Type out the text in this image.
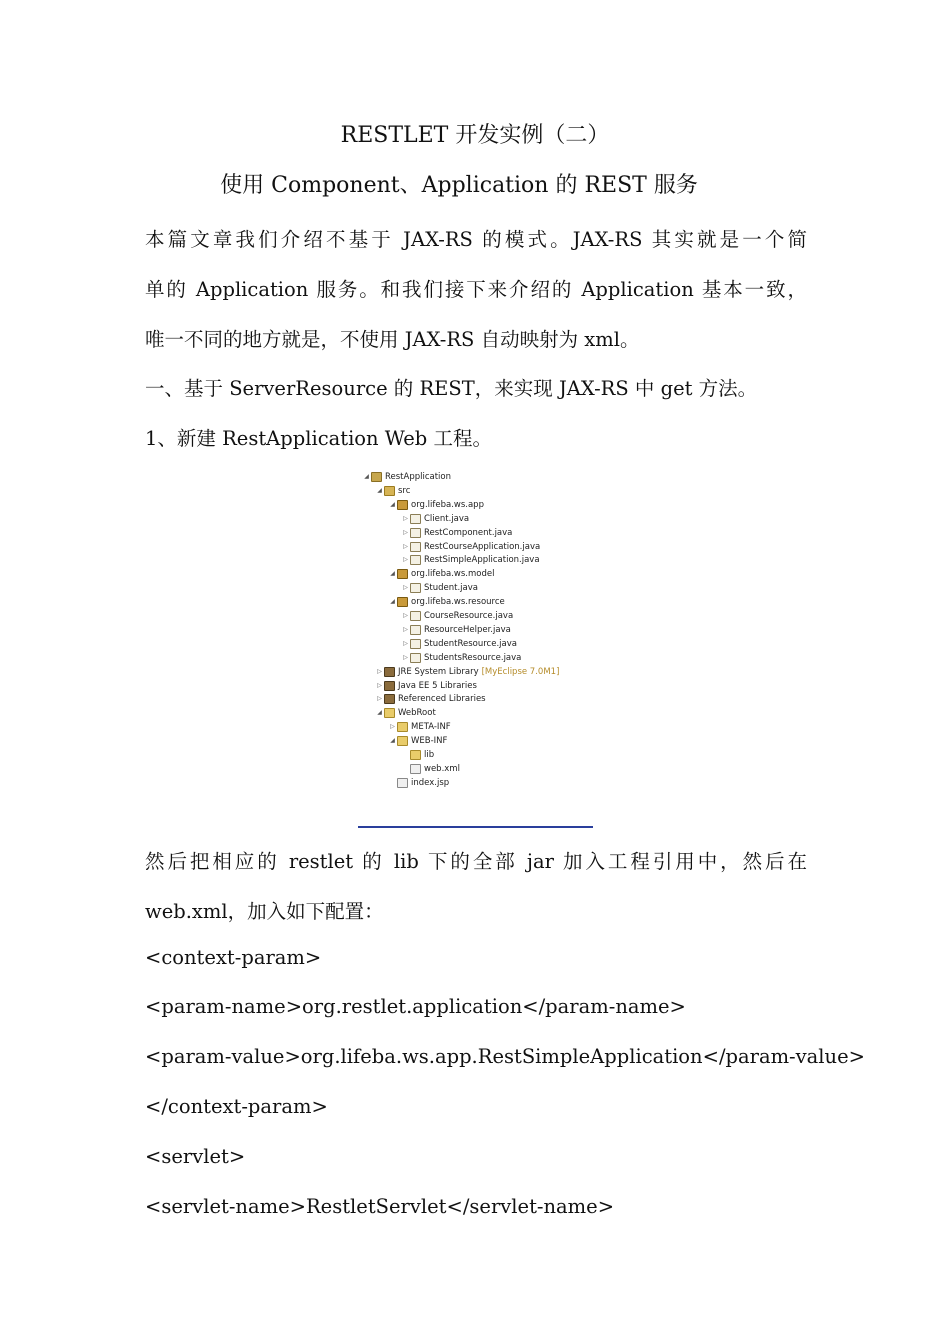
RESTLET 开发实例（二）
使用 Component、Application 的 REST 服务
本篇文章我们介绍不基于 JAX-RS 的模式。JAX-RS 其实就是一个简
单的 Application 服务。和我们接下来介绍的 Application 基本一致，
唯一不同的地方就是，不使用 JAX-RS 自动映射为 xml。
一、基于 ServerResource 的 REST，来实现 JAX-RS 中 get 方法。
1、新建 RestApplication Web 工程。
◢ RestApplication
◢ src
◢ org.lifeba.ws.app
▷ Client.java
▷ RestComponent.java
▷ RestCourseApplication.java
▷ RestSimpleApplication.java
◢ org.lifeba.ws.model
▷ Student.java
◢ org.lifeba.ws.resource
▷ CourseResource.java
▷ ResourceHelper.java
▷ StudentResource.java
▷ StudentsResource.java
▷ JRE System Library [MyEclipse 7.0M1]
▷ Java EE 5 Libraries
▷ Referenced Libraries
◢ WebRoot
▷ META-INF
◢ WEB-INF
lib
web.xml
index.jsp
然后把相应的 restlet 的 lib 下的全部 jar 加入工程引用中，然后在
web.xml，加入如下配置：
<context-param>
<param-name>org.restlet.application</param-name>
<param-value>org.lifeba.ws.app.RestSimpleApplication</param-value>
</context-param>
<servlet>
<servlet-name>RestletServlet</servlet-name>
